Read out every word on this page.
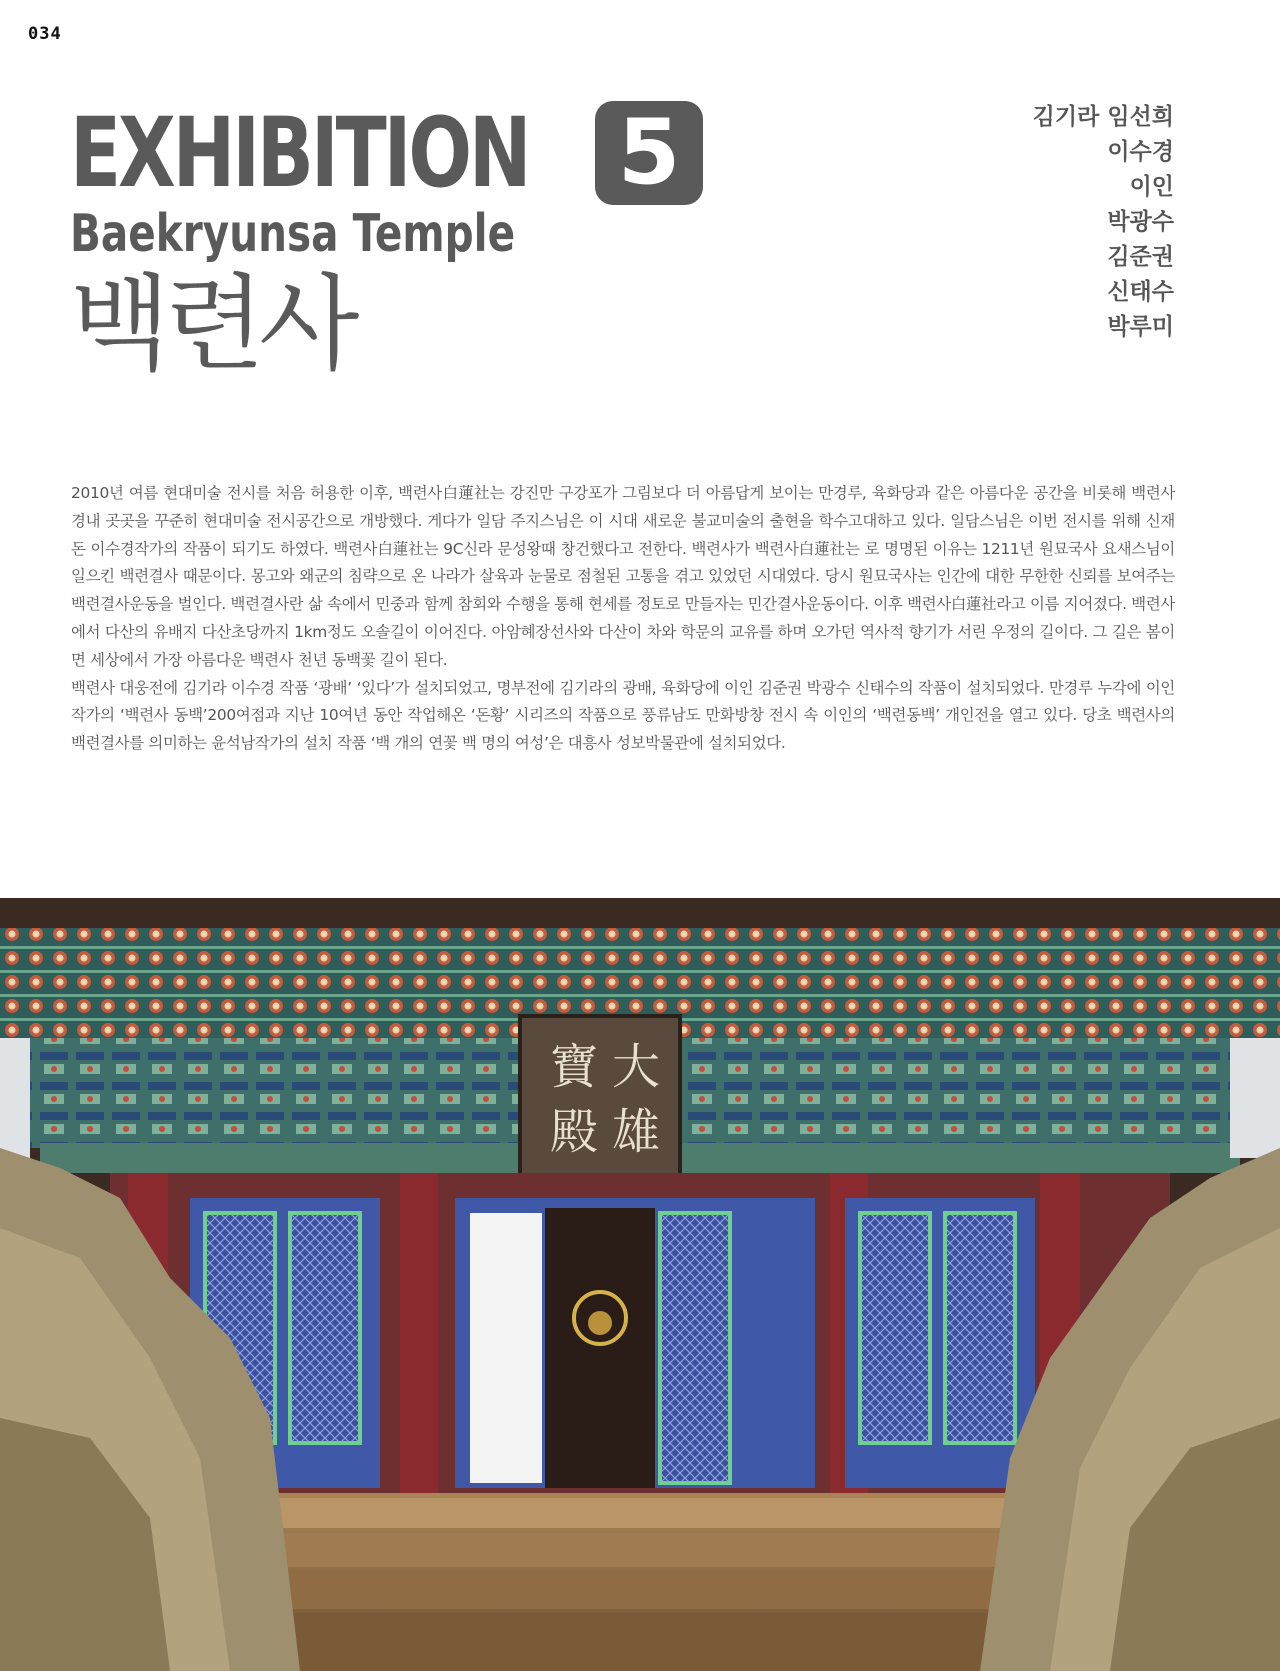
034
EXHIBITION 5
Baekryunsa Temple
백련사
김기라 임선희
이수경
이인
박광수
김준권
신태수
박루미

2010년 여름 현대미술 전시를 처음 허용한 이후, 백련사白蓮社는 강진만 구강포가 그림보다 더 아름답게 보이는 만경루, 육화당과 같은 아름다운 공간을 비롯해 백련사 경내 곳곳을 꾸준히 현대미술 전시공간으로 개방했다. 게다가 일담 주지스님은 이 시대 새로운 불교미술의 출현을 학수고대하고 있다. 일담스님은 이번 전시를 위해 신재돈 이수경작가의 작품이 되기도 하였다. 백련사白蓮社는 9C신라 문성왕때 창건했다고 전한다. 백련사가 백련사白蓮社는 로 명명된 이유는 1211년 원묘국사 요새스님이 일으킨 백련결사 때문이다. 몽고와 왜군의 침략으로 온 나라가 살육과 눈물로 점철된 고통을 겪고 있었던 시대였다. 당시 원묘국사는 인간에 대한 무한한 신뢰를 보여주는 백련결사운동을 벌인다. 백련결사란 삶 속에서 민중과 함께 참회와 수행을 통해 현세를 정토로 만들자는 민간결사운동이다. 이후 백련사白蓮社라고 이름 지어졌다. 백련사에서 다산의 유배지 다산초당까지 1km정도 오솔길이 이어진다. 아암혜장선사와 다산이 차와 학문의 교유를 하며 오가던 역사적 향기가 서린 우정의 길이다. 그 길은 봄이면 세상에서 가장 아름다운 백련사 천년 동백꽃 길이 된다.

백련사 대웅전에 김기라 이수경 작품 ‘광배’ ‘있다’가 설치되었고, 명부전에 김기라의 광배, 육화당에 이인 김준권 박광수 신태수의 작품이 설치되었다. 만경루 누각에 이인작가의 ‘백련사 동백’200여점과 지난 10여년 동안 작업해온 ‘돈황’ 시리즈의 작품으로 풍류남도 만화방창 전시 속 이인의 ‘백련동백’ 개인전을 열고 있다. 당초 백련사의 백련결사를 의미하는 윤석남작가의 설치 작품 ‘백 개의 연꽃 백 명의 여성’은 대흥사 성보박물관에 설치되었다.

寶
殿
大
雄
